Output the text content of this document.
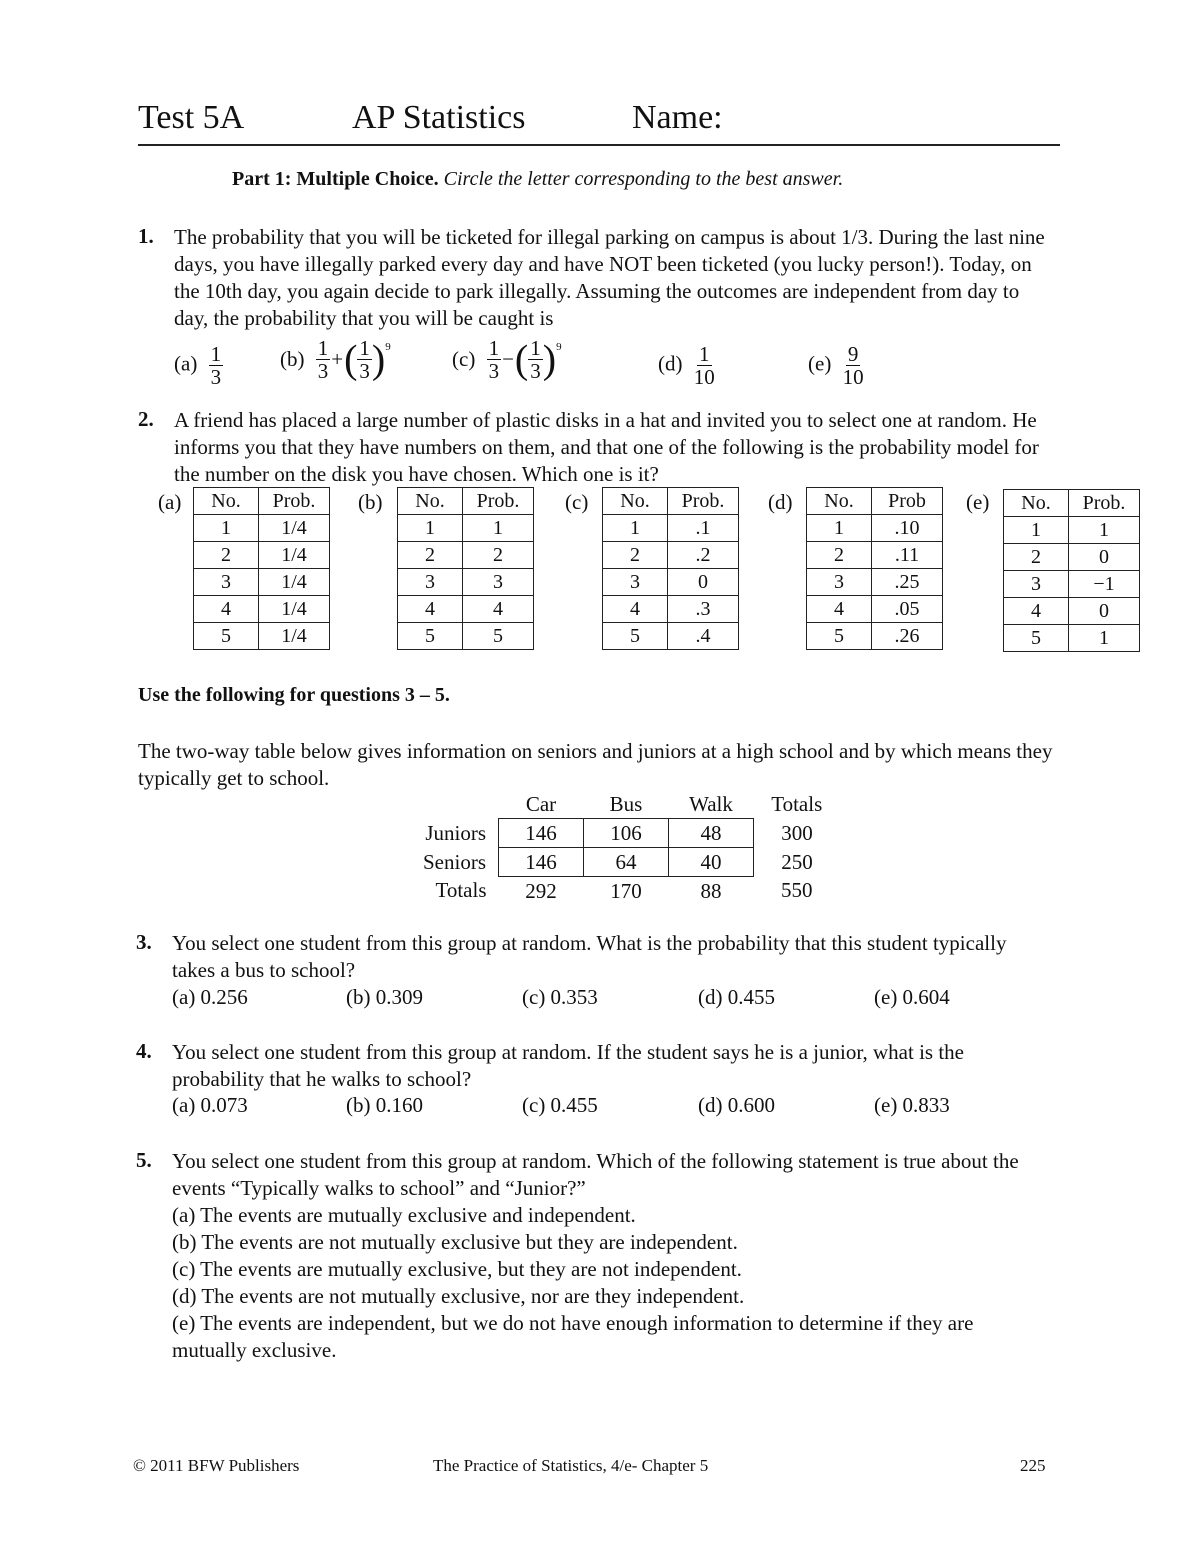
Test 5A	AP Statistics	Name:
Part 1: Multiple Choice. Circle the letter corresponding to the best answer.
1. The probability that you will be ticketed for illegal parking on campus is about 1/3. During the last nine days, you have illegally parked every day and have NOT been ticketed (you lucky person!). Today, on the 10th day, you again decide to park illegally. Assuming the outcomes are independent from day to day, the probability that you will be caught is
$(a) \frac{1}{3}$	$(b) \frac{1}{3}$ +( $\frac{1}{3} )^9$	$(c) \frac{1}{3}$ −( $\frac{1}{3} )^9$
$(d) \frac{1}{10}$	$(e) \frac{9}{10}$
2. A friend has placed a large number of plastic disks in a hat and invited you to select one at random. He informs you that they have numbers on them, and that one of the following is the probability model for the number on the disk you have chosen. Which one is it?
(a) No.	Prob.
1	1/4
2	1/4
3	1/4
4	1/4
5	1/4
(b) No.	Prob.
1	1
2	2
3	3
4	4
5	5
(c) No.	Prob.
1	.1
2	.2
3	0
4	.3
5	.4
(d) No.	Prob
1	.10
2	.11
3	.25
4	.05
5	.26
(e) No.	Prob.
1	1
2	0
3	−1
4	0
5	1
Use the following for questions 3 – 5.
The two-way table below gives information on seniors and juniors at a high school and by which means they typically get to school.
	Car	Bus	Walk	Totals
Juniors	146	106	48	300
Seniors	146	64	40	250
Totals	292	170	88	550
3. You select one student from this group at random. What is the probability that this student typically takes a bus to school?
(a) 0.256	(b) 0.309	(c) 0.353	(d) 0.455	(e) 0.604
4. You select one student from this group at random. If the student says he is a junior, what is the probability that he walks to school?
(a) 0.073	(b) 0.160	(c) 0.455	(d) 0.600	(e) 0.833
5. You select one student from this group at random. Which of the following statement is true about the events “Typically walks to school” and “Junior?”
(a) The events are mutually exclusive and independent.
(b) The events are not mutually exclusive but they are independent.
(c) The events are mutually exclusive, but they are not independent.
(d) The events are not mutually exclusive, nor are they independent.
(e) The events are independent, but we do not have enough information to determine if they are mutually exclusive.
© 2011 BFW Publishers	The Practice of Statistics, 4/e- Chapter 5	225
